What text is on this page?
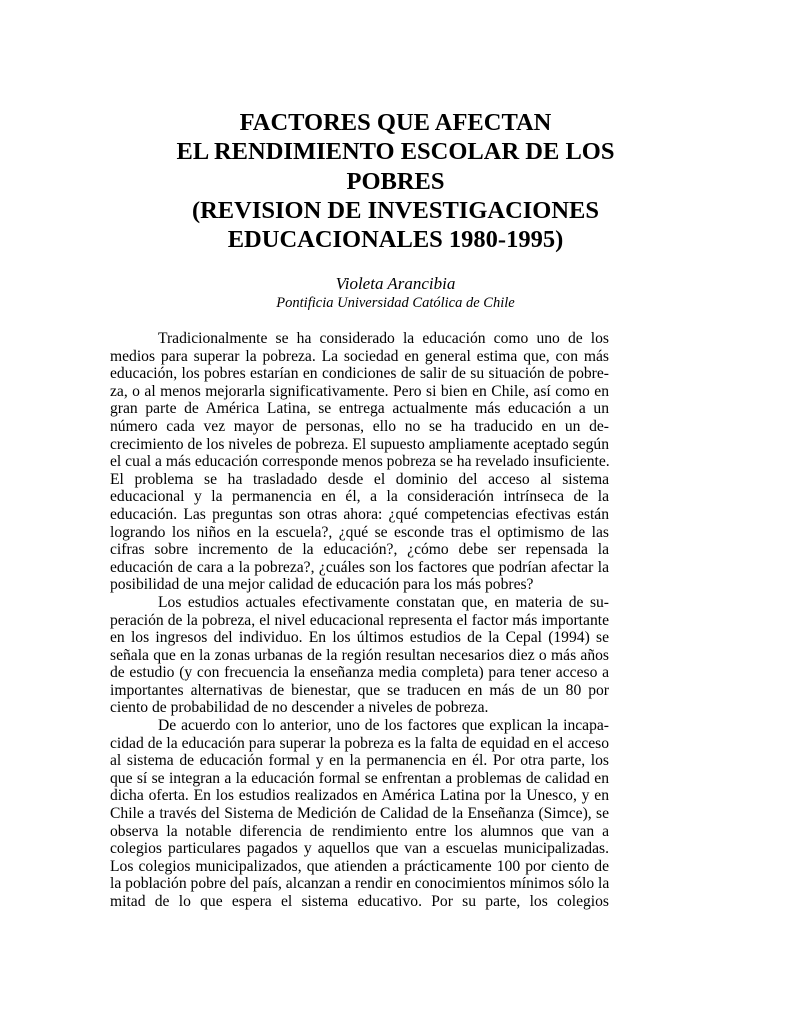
FACTORES QUE AFECTAN
EL RENDIMIENTO ESCOLAR DE LOS
POBRES
(REVISION DE INVESTIGACIONES
EDUCACIONALES 1980-1995)
Violeta Arancibia
Pontificia Universidad Católica de Chile
Tradicionalmente se ha considerado la educación como uno de los
medios para superar la pobreza. La sociedad en general estima que, con más
educación, los pobres estarían en condiciones de salir de su situación de pobre-
za, o al menos mejorarla significativamente. Pero si bien en Chile, así como en
gran parte de América Latina, se entrega actualmente más educación a un
número cada vez mayor de personas, ello no se ha traducido en un de-
crecimiento de los niveles de pobreza. El supuesto ampliamente aceptado según
el cual a más educación corresponde menos pobreza se ha revelado insuficiente.
El problema se ha trasladado desde el dominio del acceso al sistema
educacional y la permanencia en él, a la consideración intrínseca de la
educación. Las preguntas son otras ahora: ¿qué competencias efectivas están
logrando los niños en la escuela?, ¿qué se esconde tras el optimismo de las
cifras sobre incremento de la educación?, ¿cómo debe ser repensada la
educación de cara a la pobreza?, ¿cuáles son los factores que podrían afectar la
posibilidad de una mejor calidad de educación para los más pobres?
Los estudios actuales efectivamente constatan que, en materia de su-
peración de la pobreza, el nivel educacional representa el factor más importante
en los ingresos del individuo. En los últimos estudios de la Cepal (1994) se
señala que en la zonas urbanas de la región resultan necesarios diez o más años
de estudio (y con frecuencia la enseñanza media completa) para tener acceso a
importantes alternativas de bienestar, que se traducen en más de un 80 por
ciento de probabilidad de no descender a niveles de pobreza.
De acuerdo con lo anterior, uno de los factores que explican la incapa-
cidad de la educación para superar la pobreza es la falta de equidad en el acceso
al sistema de educación formal y en la permanencia en él. Por otra parte, los
que sí se integran a la educación formal se enfrentan a problemas de calidad en
dicha oferta. En los estudios realizados en América Latina por la Unesco, y en
Chile a través del Sistema de Medición de Calidad de la Enseñanza (Simce), se
observa la notable diferencia de rendimiento entre los alumnos que van a
colegios particulares pagados y aquellos que van a escuelas municipalizadas.
Los colegios municipalizados, que atienden a prácticamente 100 por ciento de
la población pobre del país, alcanzan a rendir en conocimientos mínimos sólo la
mitad de lo que espera el sistema educativo. Por su parte, los colegios
